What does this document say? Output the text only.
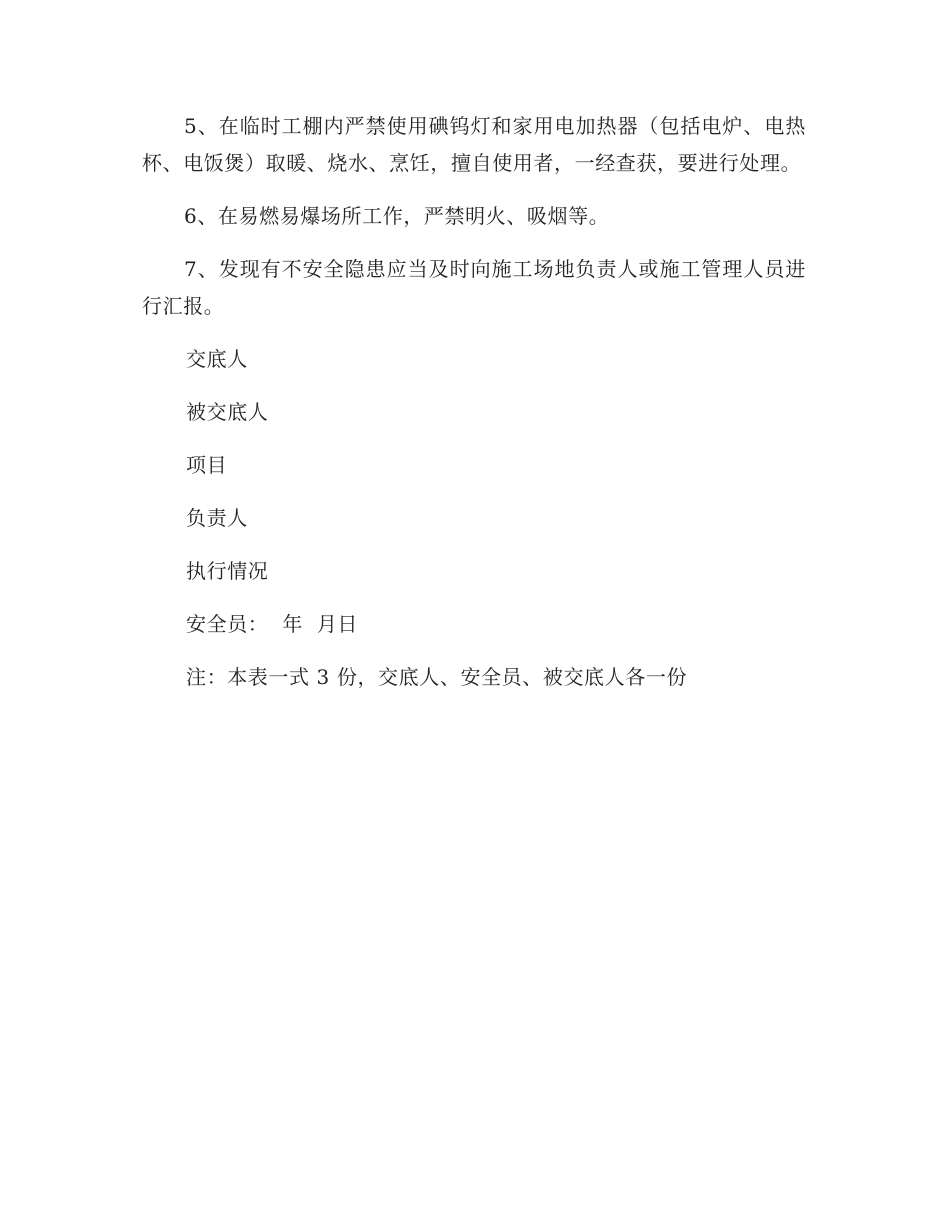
5、在临时工棚内严禁使用碘钨灯和家用电加热器（包括电炉、电热杯、电饭煲）取暖、烧水、烹饪，擅自使用者，一经查获，要进行处理。

6、在易燃易爆场所工作，严禁明火、吸烟等。

7、发现有不安全隐患应当及时向施工场地负责人或施工管理人员进行汇报。

交底人
被交底人
项目
负责人
执行情况
安全员：  年  月日
注：本表一式 3 份，交底人、安全员、被交底人各一份
